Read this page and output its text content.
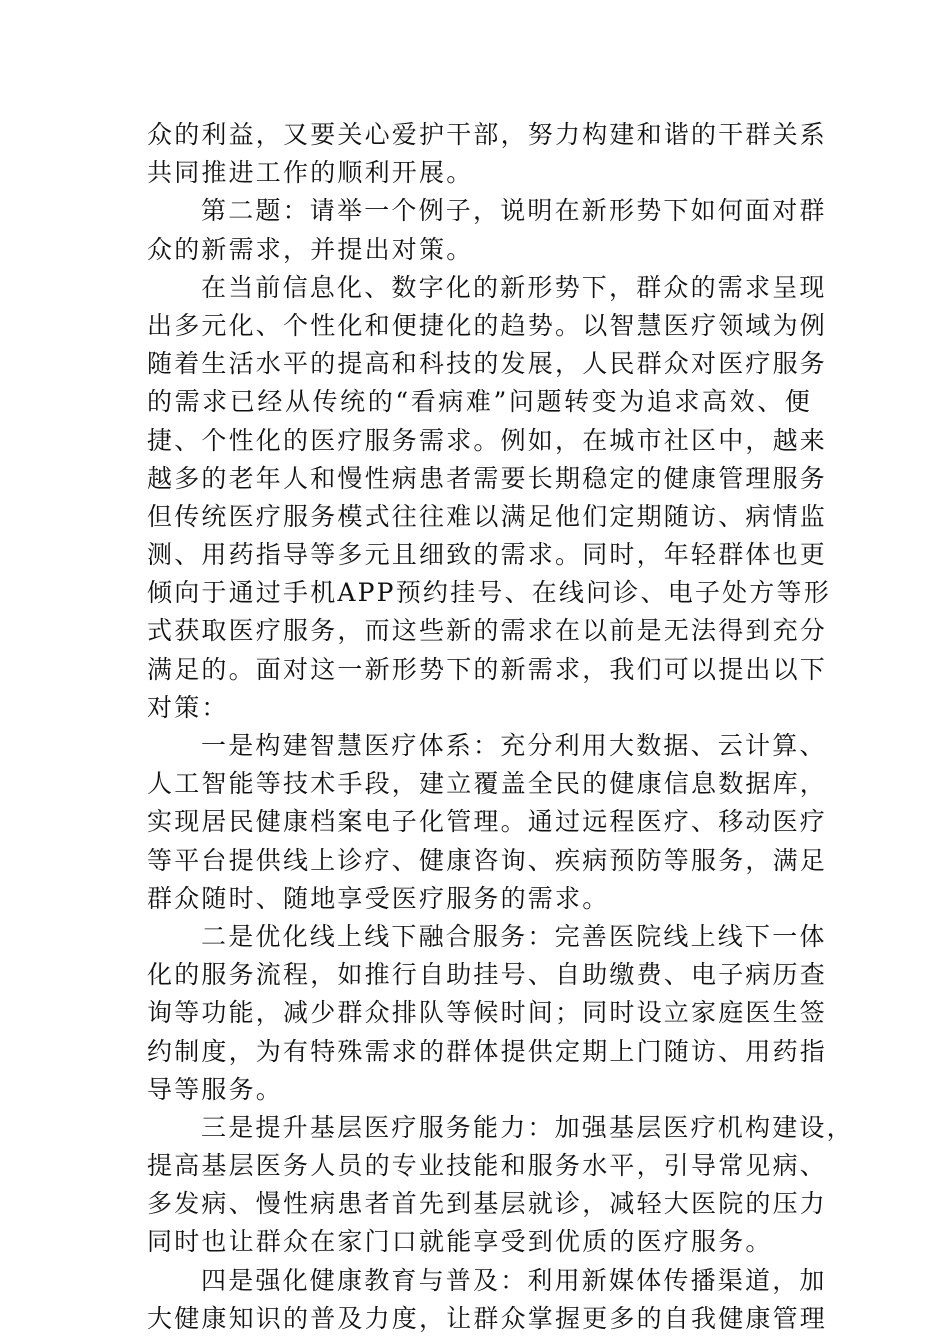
众的利益，又要关心爱护干部，努力构建和谐的干群关系
共同推进工作的顺利开展。
第二题：请举一个例子，说明在新形势下如何面对群
众的新需求，并提出对策。
在当前信息化、数字化的新形势下，群众的需求呈现
出多元化、个性化和便捷化的趋势。以智慧医疗领域为例
随着生活水平的提高和科技的发展，人民群众对医疗服务
的需求已经从传统的“看病难”问题转变为追求高效、便
捷、个性化的医疗服务需求。例如，在城市社区中，越来
越多的老年人和慢性病患者需要长期稳定的健康管理服务
但传统医疗服务模式往往难以满足他们定期随访、病情监
测、用药指导等多元且细致的需求。同时，年轻群体也更
倾向于通过手机APP预约挂号、在线问诊、电子处方等形
式获取医疗服务，而这些新的需求在以前是无法得到充分
满足的。面对这一新形势下的新需求，我们可以提出以下
对策：
一是构建智慧医疗体系：充分利用大数据、云计算、
人工智能等技术手段，建立覆盖全民的健康信息数据库，
实现居民健康档案电子化管理。通过远程医疗、移动医疗
等平台提供线上诊疗、健康咨询、疾病预防等服务，满足
群众随时、随地享受医疗服务的需求。
二是优化线上线下融合服务：完善医院线上线下一体
化的服务流程，如推行自助挂号、自助缴费、电子病历查
询等功能，减少群众排队等候时间；同时设立家庭医生签
约制度，为有特殊需求的群体提供定期上门随访、用药指
导等服务。
三是提升基层医疗服务能力：加强基层医疗机构建设，
提高基层医务人员的专业技能和服务水平，引导常见病、
多发病、慢性病患者首先到基层就诊，减轻大医院的压力
同时也让群众在家门口就能享受到优质的医疗服务。
四是强化健康教育与普及：利用新媒体传播渠道，加
大健康知识的普及力度，让群众掌握更多的自我健康管理
